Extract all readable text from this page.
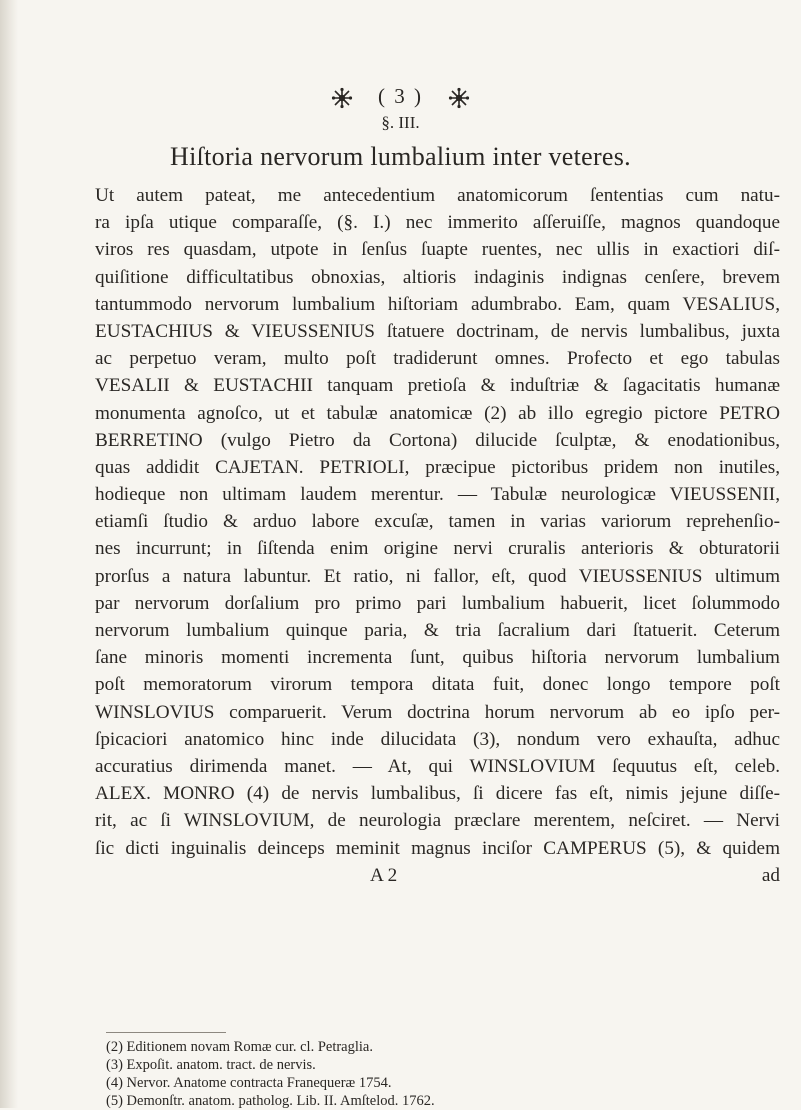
( 3 )
§. III.
Hiſtoria nervorum lumbalium inter veteres.
Ut autem pateat, me antecedentium anatomicorum ſententias cum natu-
ra ipſa utique comparaſſe, (§. I.) nec immerito aſſeruiſſe, magnos quandoque
viros res quasdam, utpote in ſenſus ſuapte ruentes, nec ullis in exactiori diſ-
quiſitione difficultatibus obnoxias, altioris indaginis indignas cenſere, brevem
tantummodo nervorum lumbalium hiſtoriam adumbrabo. Eam, quam VESALIUS,
EUSTACHIUS & VIEUSSENIUS ſtatuere doctrinam, de nervis lumbalibus, juxta
ac perpetuo veram, multo poſt tradiderunt omnes. Profecto et ego tabulas
VESALII & EUSTACHII tanquam pretioſa & induſtriæ & ſagacitatis humanæ
monumenta agnoſco, ut et tabulæ anatomicæ (2) ab illo egregio pictore PETRO
BERRETINO (vulgo Pietro da Cortona) dilucide ſculptæ, & enodationibus,
quas addidit CAJETAN. PETRIOLI, præcipue pictoribus pridem non inutiles,
hodieque non ultimam laudem merentur. — Tabulæ neurologicæ VIEUSSENII,
etiamſi ſtudio & arduo labore excuſæ, tamen in varias variorum reprehenſio-
nes incurrunt; in ſiſtenda enim origine nervi cruralis anterioris & obturatorii
prorſus a natura labuntur. Et ratio, ni fallor, eſt, quod VIEUSSENIUS ultimum
par nervorum dorſalium pro primo pari lumbalium habuerit, licet ſolummodo
nervorum lumbalium quinque paria, & tria ſacralium dari ſtatuerit. Ceterum
ſane minoris momenti incrementa ſunt, quibus hiſtoria nervorum lumbalium
poſt memoratorum virorum tempora ditata fuit, donec longo tempore poſt
WINSLOVIUS comparuerit. Verum doctrina horum nervorum ab eo ipſo per-
ſpicaciori anatomico hinc inde dilucidata (3), nondum vero exhauſta, adhuc
accuratius dirimenda manet. — At, qui WINSLOVIUM ſequutus eſt, celeb.
ALEX. MONRO (4) de nervis lumbalibus, ſi dicere fas eſt, nimis jejune diſſe-
rit, ac ſi WINSLOVIUM, de neurologia præclare merentem, neſciret. — Nervi
ſic dicti inguinalis deinceps meminit magnus inciſor CAMPERUS (5), & quidem
A 2	ad
(2) Editionem novam Romæ cur. cl. Petraglia.
(3) Expoſit. anatom. tract. de nervis.
(4) Nervor. Anatome contracta Franequeræ 1754.
(5) Demonſtr. anatom. patholog. Lib. II. Amſtelod. 1762.
